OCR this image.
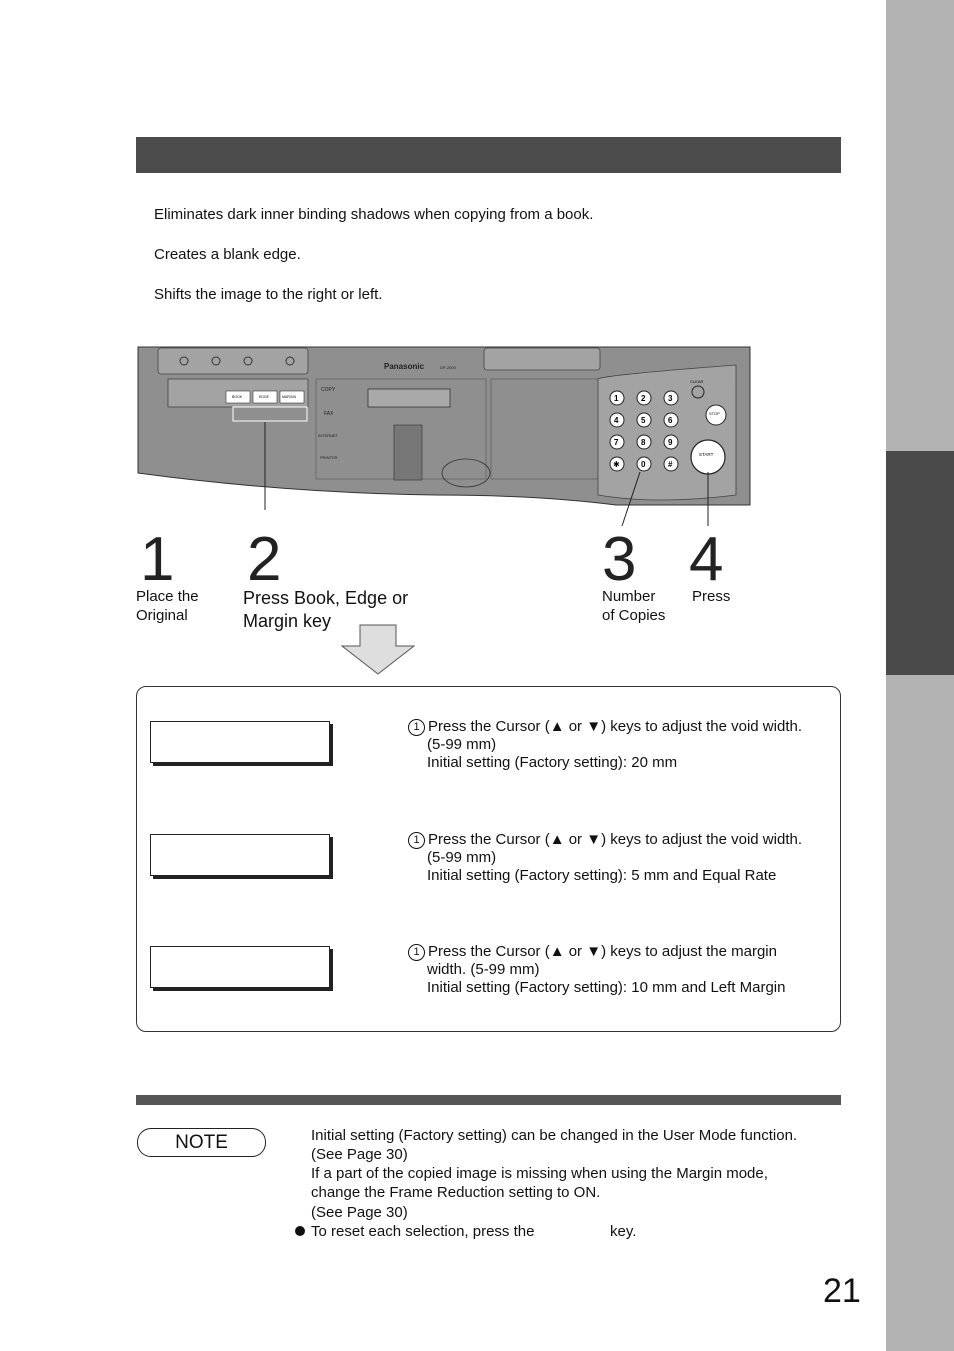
Eliminates dark inner binding shadows when copying from a book.
Creates a blank edge.
Shifts the image to the right or left.
Panasonic	DP-2000
BOOK	EDGE	MARGIN
COPY
FAX
INTERNET
PRINTER
1	2	3
4	5	6
7	8	9
✱	0	#
CLEAR
STOP
START
1
Place the
Original
2
Press Book, Edge or
Margin key
3
Number
of Copies
4
Press
1 Press the Cursor (▲ or ▼) keys to adjust the void width.
(5-99 mm)
Initial setting (Factory setting): 20 mm
1 Press the Cursor (▲ or ▼) keys to adjust the void width.
(5-99 mm)
Initial setting (Factory setting): 5 mm and Equal Rate
1 Press the Cursor (▲ or ▼) keys to adjust the margin
width. (5-99 mm)
Initial setting (Factory setting): 10 mm and Left Margin
NOTE	Initial setting (Factory setting) can be changed in the User Mode function.
(See Page 30)
If a part of the copied image is missing when using the Margin mode,
change the Frame Reduction setting to ON.
(See Page 30)
To reset each selection, press the	key.
21
